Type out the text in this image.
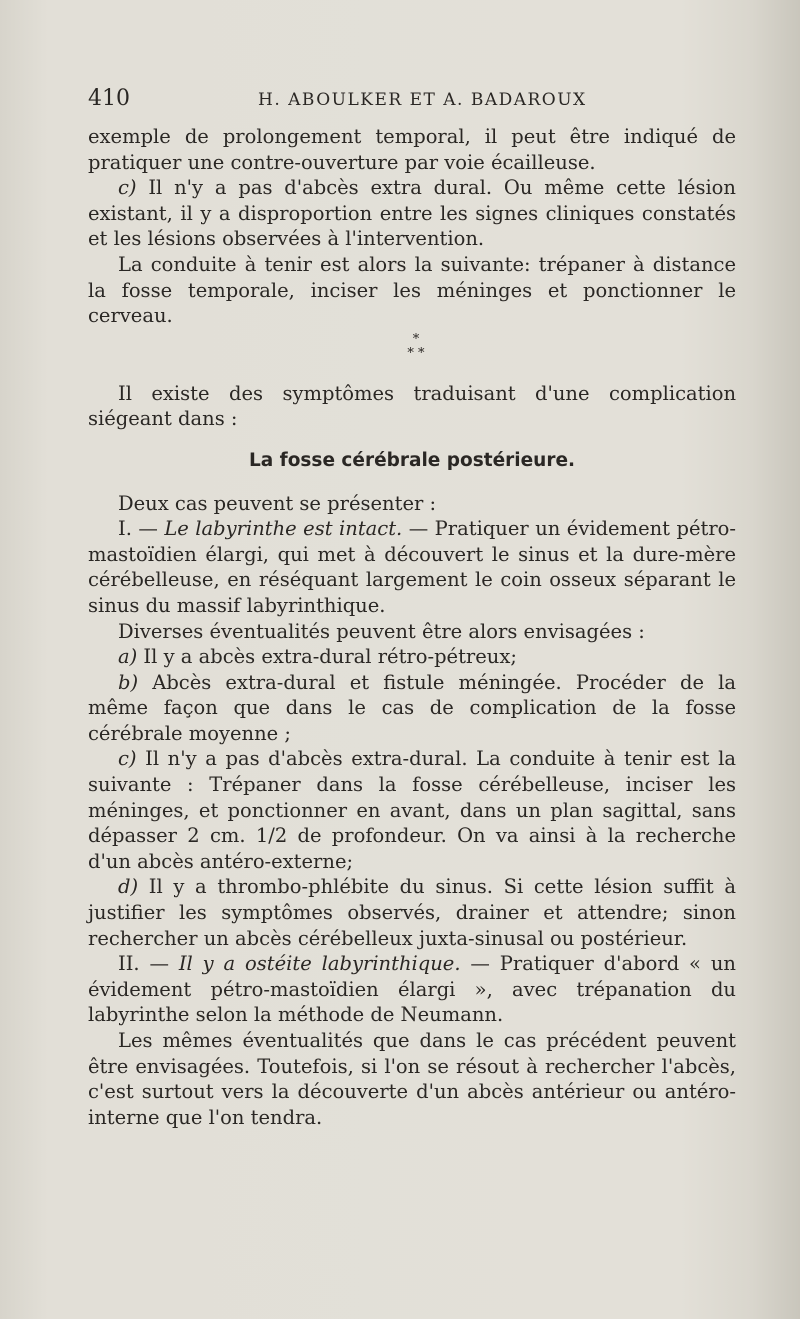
410	H. ABOULKER ET A. BADAROUX

exemple de prolongement temporal, il peut être indiqué de pratiquer une contre-ouverture par voie écailleuse.

c) Il n'y a pas d'abcès extra dural. Ou même cette lésion existant, il y a disproportion entre les signes cliniques constatés et les lésions observées à l'intervention.

La conduite à tenir est alors la suivante: trépaner à distance la fosse temporale, inciser les méninges et ponctionner le cerveau.

*
* *

Il existe des symptômes traduisant d'une complication siégeant dans :

La fosse cérébrale postérieure.

Deux cas peuvent se présenter :

I. — Le labyrinthe est intact. — Pratiquer un évidement pétro-mastoïdien élargi, qui met à découvert le sinus et la dure-mère cérébelleuse, en réséquant largement le coin osseux séparant le sinus du massif labyrinthique.

Diverses éventualités peuvent être alors envisagées :

a) Il y a abcès extra-dural rétro-pétreux;

b) Abcès extra-dural et fistule méningée. Procéder de la même façon que dans le cas de complication de la fosse cérébrale moyenne ;

c) Il n'y a pas d'abcès extra-dural. La conduite à tenir est la suivante : Trépaner dans la fosse cérébelleuse, inciser les méninges, et ponctionner en avant, dans un plan sagittal, sans dépasser 2 cm. 1/2 de profondeur. On va ainsi à la recherche d'un abcès antéro-externe;

d) Il y a thrombo-phlébite du sinus. Si cette lésion suffit à justifier les symptômes observés, drainer et attendre; sinon rechercher un abcès cérébelleux juxta-sinusal ou postérieur.

II. — Il y a ostéite labyrinthique. — Pratiquer d'abord « un évidement pétro-mastoïdien élargi », avec trépanation du labyrinthe selon la méthode de Neumann.

Les mêmes éventualités que dans le cas précédent peuvent être envisagées. Toutefois, si l'on se résout à rechercher l'abcès, c'est surtout vers la découverte d'un abcès antérieur ou antéro-interne que l'on tendra.
